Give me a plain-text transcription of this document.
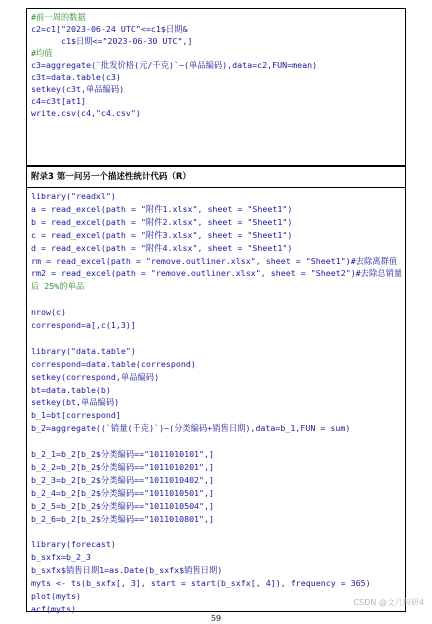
#前一周的数据
c2=c1["2023-06-24 UTC"<=c1$日期&
c1$日期<="2023-06-30 UTC",]
#均值
c3=aggregate(`批发价格(元/千克)`~(单品编码),data=c2,FUN=mean)
c3t=data.table(c3)
setkey(c3t,单品编码)
c4=c3t[at1]
write.csv(c4,"c4.csv")
附录3 第一问另一个描述性统计代码（R）
library("readxl")
a = read_excel(path = "附件1.xlsx", sheet = "Sheet1")
b = read_excel(path = "附件2.xlsx", sheet = "Sheet1")
c = read_excel(path = "附件3.xlsx", sheet = "Sheet1")
d = read_excel(path = "附件4.xlsx", sheet = "Sheet1")
rm = read_excel(path = "remove.outliner.xlsx", sheet = "Sheet1")#去除离群值
rm2 = read_excel(path = "remove.outliner.xlsx", sheet = "Sheet2")#去除总销量
后 25%的单品
nrow(c)
correspond=a[,c(1,3)]
library("data.table")
correspond=data.table(correspond)
setkey(correspond,单品编码)
bt=data.table(b)
setkey(bt,单品编码)
b_1=bt[correspond]
b_2=aggregate((`销量(千克)`)~(分类编码+销售日期),data=b_1,FUN = sum)
b_2_1=b_2[b_2$分类编码=="1011010101",]
b_2_2=b_2[b_2$分类编码=="1011010201",]
b_2_3=b_2[b_2$分类编码=="1011010402",]
b_2_4=b_2[b_2$分类编码=="1011010501",]
b_2_5=b_2[b_2$分类编码=="1011010504",]
b_2_6=b_2[b_2$分类编码=="1011010801",]
library(forecast)
b_sxfx=b_2_3
b_sxfx$销售日期1=as.Date(b_sxfx$销售日期)
myts <- ts(b_sxfx[, 3], start = start(b_sxfx[, 4]), frequency = 365)
plot(myts)
acf(myts)
CSDN @文几科研4
59
